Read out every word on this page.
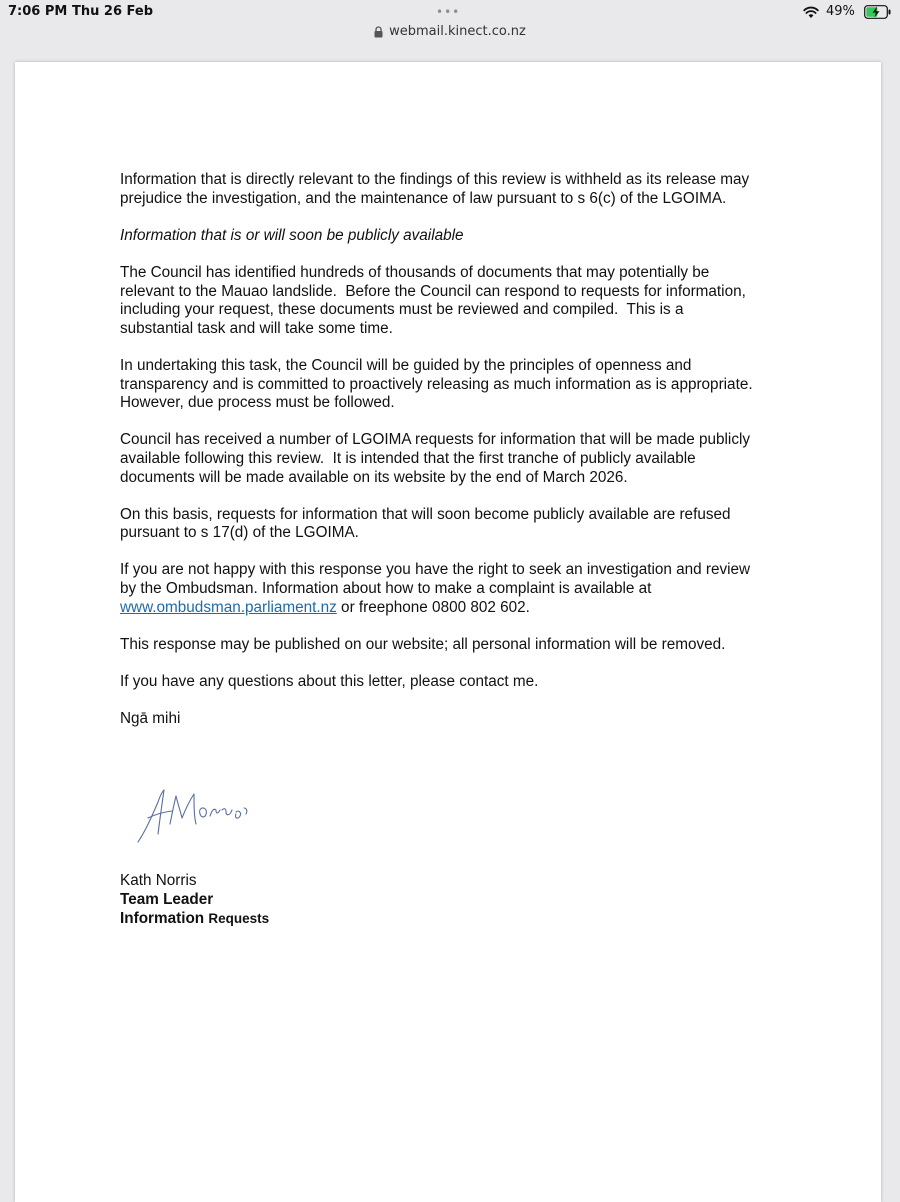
7:06 PM Thu 26 Feb	•••	49%
webmail.kinect.co.nz

Information that is directly relevant to the findings of this review is withheld as its release may prejudice the investigation, and the maintenance of law pursuant to s 6(c) of the LGOIMA.

Information that is or will soon be publicly available

The Council has identified hundreds of thousands of documents that may potentially be relevant to the Mauao landslide.  Before the Council can respond to requests for information, including your request, these documents must be reviewed and compiled.  This is a substantial task and will take some time.

In undertaking this task, the Council will be guided by the principles of openness and transparency and is committed to proactively releasing as much information as is appropriate.  However, due process must be followed.

Council has received a number of LGOIMA requests for information that will be made publicly available following this review.  It is intended that the first tranche of publicly available documents will be made available on its website by the end of March 2026.

On this basis, requests for information that will soon become publicly available are refused pursuant to s 17(d) of the LGOIMA.

If you are not happy with this response you have the right to seek an investigation and review by the Ombudsman. Information about how to make a complaint is available at www.ombudsman.parliament.nz or freephone 0800 802 602.

This response may be published on our website; all personal information will be removed.

If you have any questions about this letter, please contact me.

Ngā mihi

Kath Norris
Team Leader
Information Requests
